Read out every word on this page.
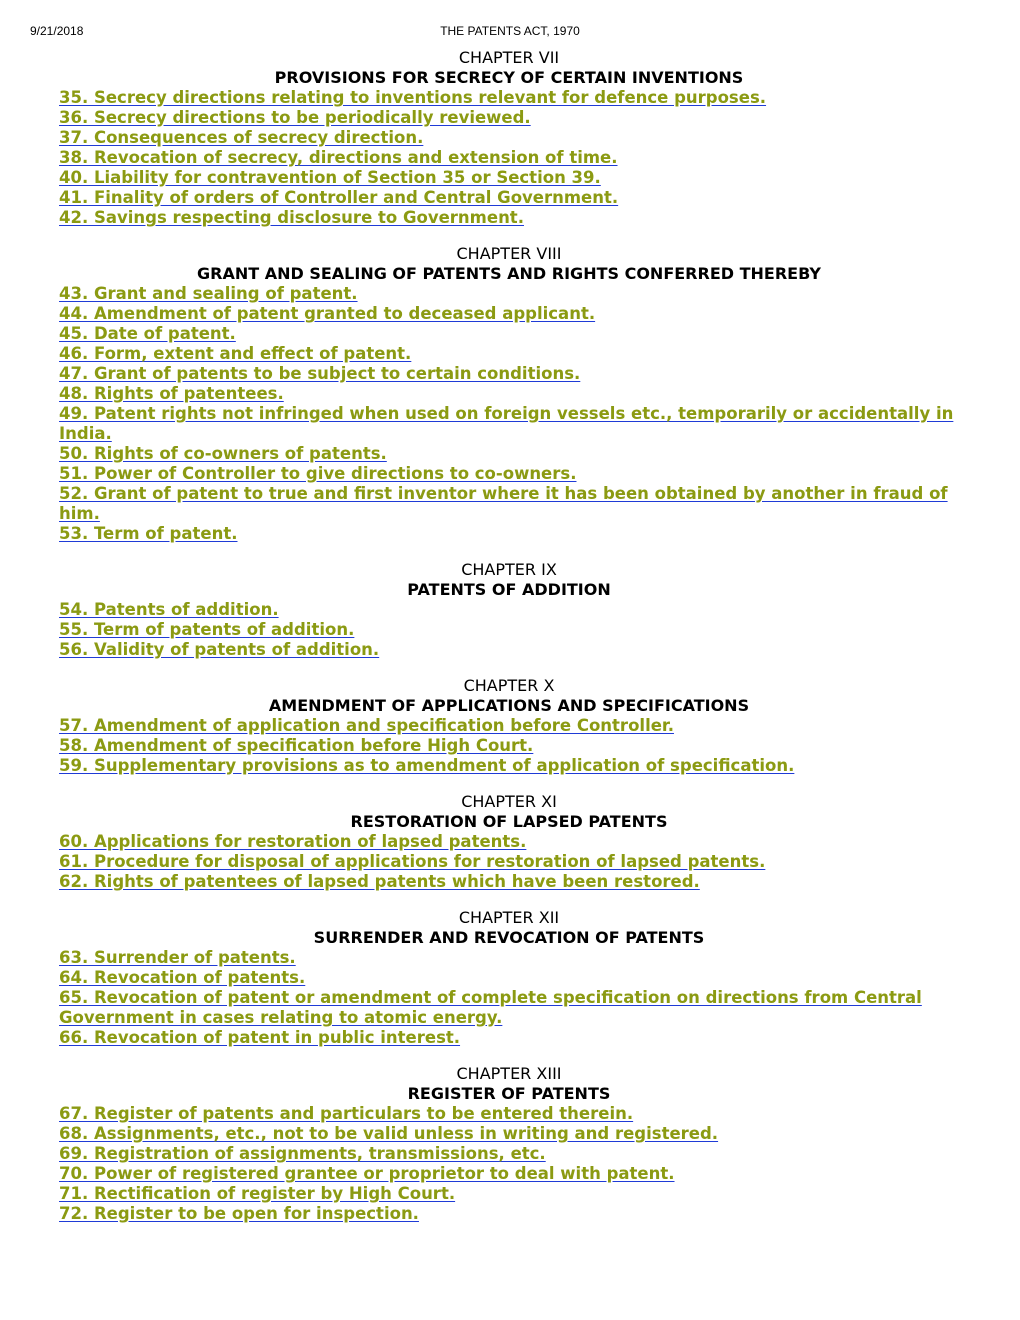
9/21/2018	THE PATENTS ACT, 1970
CHAPTER VII
PROVISIONS FOR SECRECY OF CERTAIN INVENTIONS
35. Secrecy directions relating to inventions relevant for defence purposes.
36. Secrecy directions to be periodically reviewed.
37. Consequences of secrecy direction.
38. Revocation of secrecy, directions and extension of time.
40. Liability for contravention of Section 35 or Section 39.
41. Finality of orders of Controller and Central Government.
42. Savings respecting disclosure to Government.
CHAPTER VIII
GRANT AND SEALING OF PATENTS AND RIGHTS CONFERRED THEREBY
43. Grant and sealing of patent.
44. Amendment of patent granted to deceased applicant.
45. Date of patent.
46. Form, extent and effect of patent.
47. Grant of patents to be subject to certain conditions.
48. Rights of patentees.
49. Patent rights not infringed when used on foreign vessels etc., temporarily or accidentally in India.
50. Rights of co-owners of patents.
51. Power of Controller to give directions to co-owners.
52. Grant of patent to true and first inventor where it has been obtained by another in fraud of him.
53. Term of patent.
CHAPTER IX
PATENTS OF ADDITION
54. Patents of addition.
55. Term of patents of addition.
56. Validity of patents of addition.
CHAPTER X
AMENDMENT OF APPLICATIONS AND SPECIFICATIONS
57. Amendment of application and specification before Controller.
58. Amendment of specification before High Court.
59. Supplementary provisions as to amendment of application of specification.
CHAPTER XI
RESTORATION OF LAPSED PATENTS
60. Applications for restoration of lapsed patents.
61. Procedure for disposal of applications for restoration of lapsed patents.
62. Rights of patentees of lapsed patents which have been restored.
CHAPTER XII
SURRENDER AND REVOCATION OF PATENTS
63. Surrender of patents.
64. Revocation of patents.
65. Revocation of patent or amendment of complete specification on directions from Central Government in cases relating to atomic energy.
66. Revocation of patent in public interest.
CHAPTER XIII
REGISTER OF PATENTS
67. Register of patents and particulars to be entered therein.
68. Assignments, etc., not to be valid unless in writing and registered.
69. Registration of assignments, transmissions, etc.
70. Power of registered grantee or proprietor to deal with patent.
71. Rectification of register by High Court.
72. Register to be open for inspection.
